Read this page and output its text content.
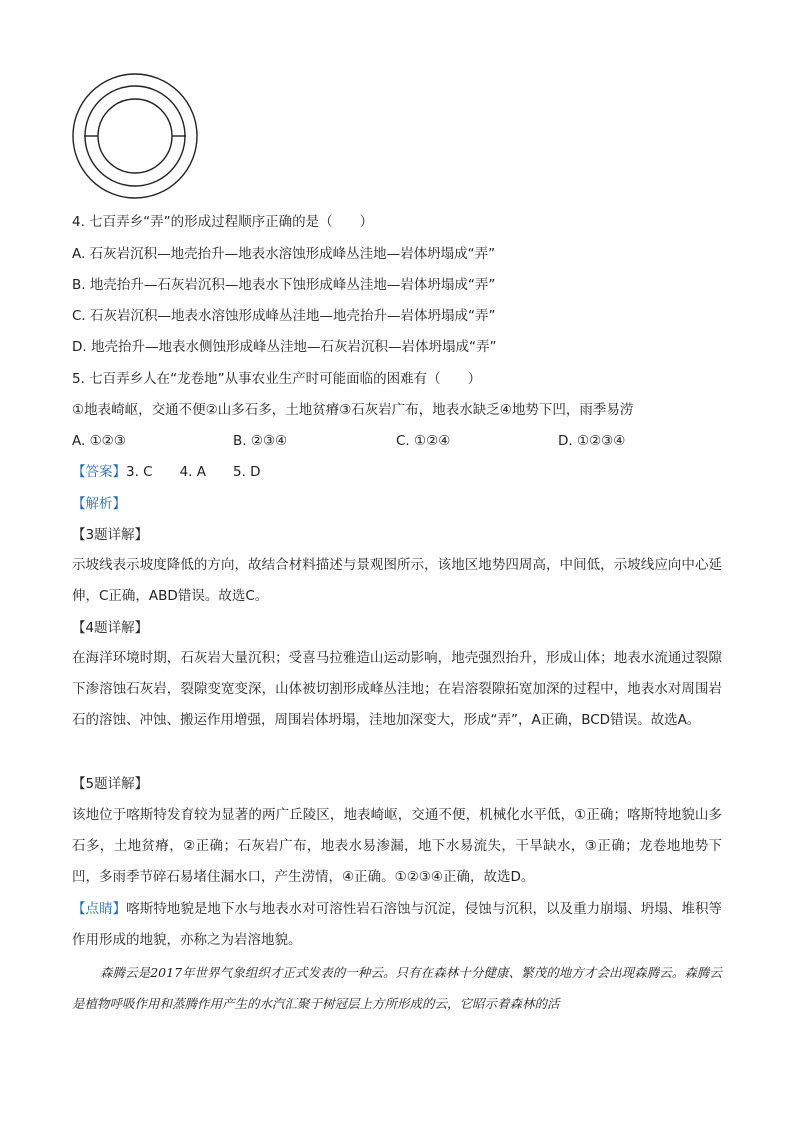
4. 七百弄乡“弄”的形成过程顺序正确的是（　　）
A. 石灰岩沉积—地壳抬升—地表水溶蚀形成峰丛洼地—岩体坍塌成“弄”
B. 地壳抬升—石灰岩沉积—地表水下蚀形成峰丛洼地—岩体坍塌成“弄”
C. 石灰岩沉积—地表水溶蚀形成峰丛洼地—地壳抬升—岩体坍塌成“弄”
D. 地壳抬升—地表水侧蚀形成峰丛洼地—石灰岩沉积—岩体坍塌成“弄”
5. 七百弄乡人在“龙卷地”从事农业生产时可能面临的困难有（　　）
①地表崎岖，交通不便②山多石多，土地贫瘠③石灰岩广布，地表水缺乏④地势下凹，雨季易涝
A. ①②③	B. ②③④	C. ①②④	D. ①②③④
【答案】3. C　　4. A　　5. D
【解析】
【3题详解】
示坡线表示坡度降低的方向，故结合材料描述与景观图所示，该地区地势四周高，中间低，示坡线应向中心延伸，C正确，ABD错误。故选C。
【4题详解】
在海洋环境时期，石灰岩大量沉积；受喜马拉雅造山运动影响，地壳强烈抬升，形成山体；地表水流通过裂隙下渗溶蚀石灰岩，裂隙变宽变深，山体被切割形成峰丛洼地；在岩溶裂隙拓宽加深的过程中，地表水对周围岩石的溶蚀、冲蚀、搬运作用增强，周围岩体坍塌，洼地加深变大，形成“弄”，A正确，BCD错误。故选A。
【5题详解】
该地位于喀斯特发育较为显著的两广丘陵区，地表崎岖，交通不便，机械化水平低，①正确；喀斯特地貌山多石多，土地贫瘠，②正确；石灰岩广布，地表水易渗漏，地下水易流失，干旱缺水，③正确；龙卷地地势下凹，多雨季节碎石易堵住漏水口，产生涝情，④正确。①②③④正确，故选D。
【点睛】喀斯特地貌是地下水与地表水对可溶性岩石溶蚀与沉淀，侵蚀与沉积，以及重力崩塌、坍塌、堆积等作用形成的地貌，亦称之为岩溶地貌。
森腾云是2017年世界气象组织才正式发表的一种云。只有在森林十分健康、繁茂的地方才会出现森腾云。森腾云是植物呼吸作用和蒸腾作用产生的水汽汇聚于树冠层上方所形成的云，它昭示着森林的活
